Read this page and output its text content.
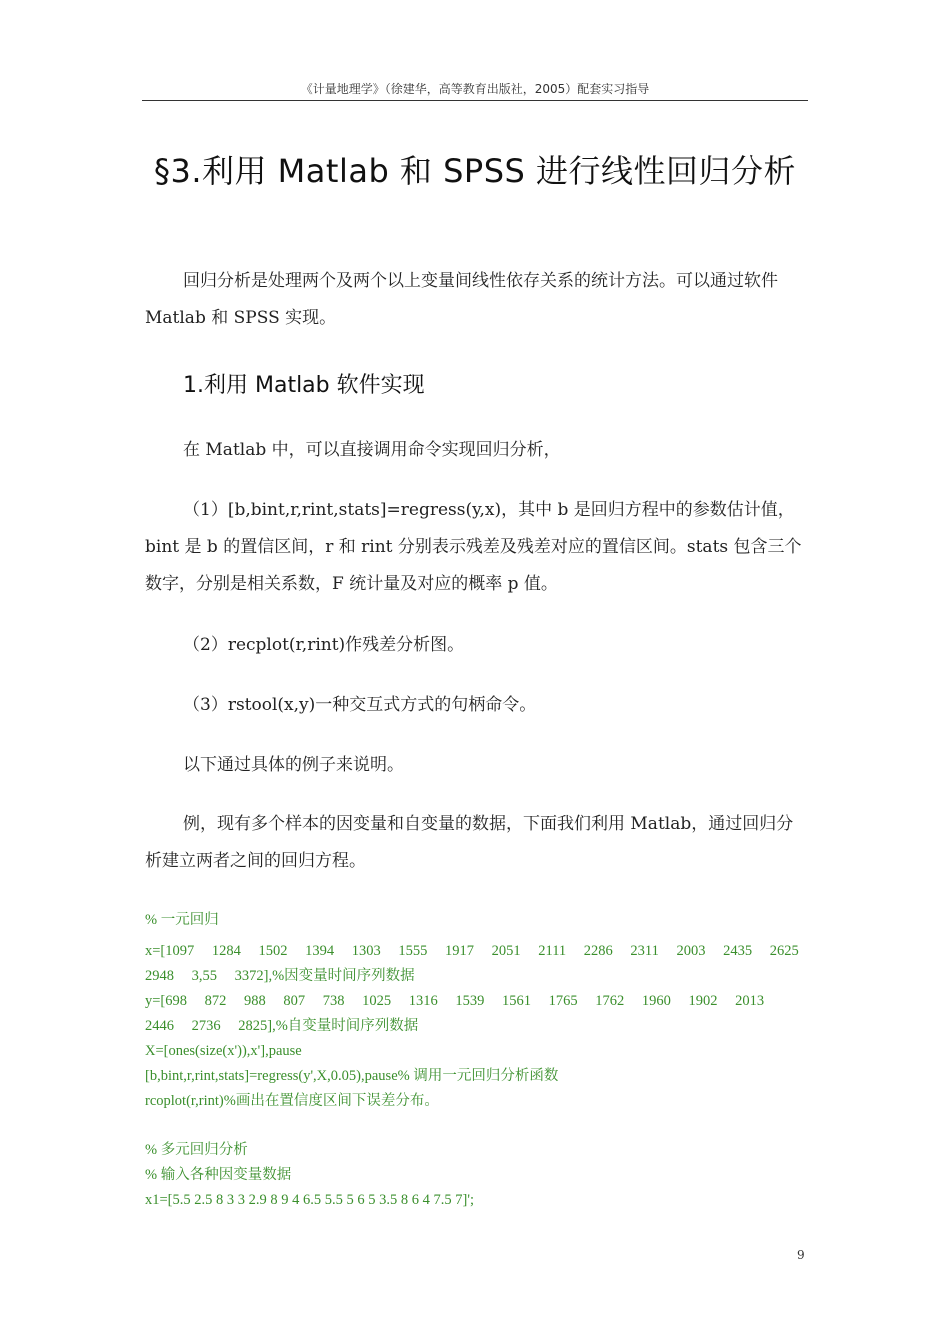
《计量地理学》（徐建华，高等教育出版社，2005）配套实习指导
§3.利用 Matlab 和 SPSS 进行线性回归分析
回归分析是处理两个及两个以上变量间线性依存关系的统计方法。可以通过软件 Matlab 和 SPSS 实现。
1.利用 Matlab 软件实现
在 Matlab 中，可以直接调用命令实现回归分析，
（1）[b,bint,r,rint,stats]=regress(y,x)，其中 b 是回归方程中的参数估计值，bint 是 b 的置信区间，r 和 rint 分别表示残差及残差对应的置信区间。stats 包含三个数字，分别是相关系数，F 统计量及对应的概率 p 值。
（2）recplot(r,rint)作残差分析图。
（3）rstool(x,y)一种交互式方式的句柄命令。
以下通过具体的例子来说明。
例，现有多个样本的因变量和自变量的数据，下面我们利用 Matlab，通过回归分析建立两者之间的回归方程。
% 一元回归
x=[1097 1284 1502 1394 1303 1555 1917 2051 2111 2286 2311 2003 2435 2625 2948 3,55 3372],%因变量时间序列数据
y=[698 872 988 807 738 1025 1316 1539 1561 1765 1762 1960 1902 2013 2446 2736 2825],%自变量时间序列数据
X=[ones(size(x')),x'],pause
[b,bint,r,rint,stats]=regress(y',X,0.05),pause% 调用一元回归分析函数
rcoplot(r,rint)%画出在置信度区间下误差分布。
% 多元回归分析
% 输入各种因变量数据
x1=[5.5 2.5 8 3 3 2.9 8 9 4 6.5 5.5 5 6 5 3.5 8 6 4 7.5 7]';
9
